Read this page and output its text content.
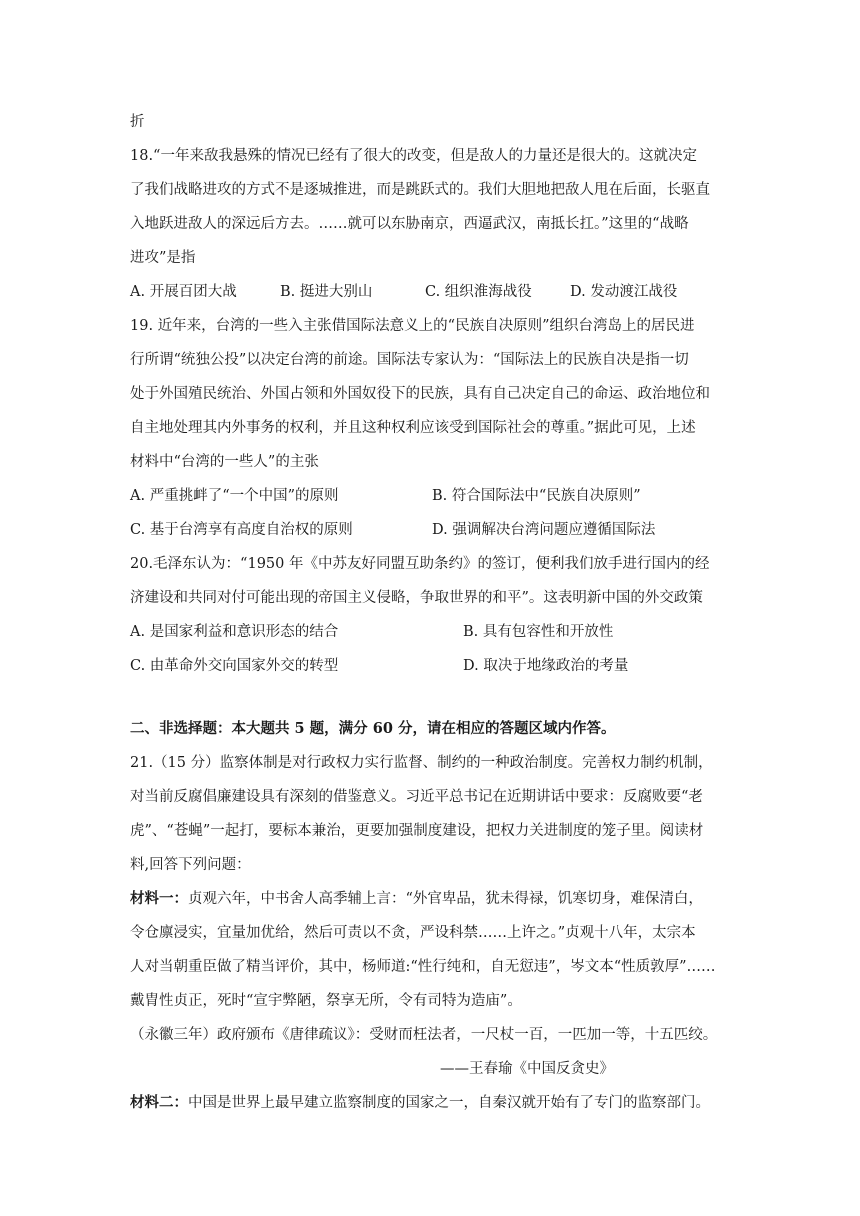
折
18.“一年来敌我悬殊的情况已经有了很大的改变，但是敌人的力量还是很大的。这就决定
了我们战略进攻的方式不是逐城推进，而是跳跃式的。我们大胆地把敌人甩在后面，长驱直
入地跃进敌人的深远后方去。……就可以东胁南京，西逼武汉，南抵长扛。”这里的“战略
进攻”是指
A. 开展百团大战	B. 挺进大别山	C. 组织淮海战役	D. 发动渡江战役
19. 近年来，台湾的一些入主张借国际法意义上的“民族自决原则”组织台湾岛上的居民进
行所谓“统独公投”以决定台湾的前途。国际法专家认为：“国际法上的民族自决是指一切
处于外国殖民统治、外国占领和外国奴役下的民族，具有自己决定自己的命运、政治地位和
自主地处理其内外事务的权利，并且这种权利应该受到国际社会的尊重。”据此可见，上述
材料中“台湾的一些人”的主张
A. 严重挑衅了“一个中国”的原则	B. 符合国际法中“民族自决原则”
C. 基于台湾享有高度自治权的原则	D. 强调解决台湾问题应遵循国际法
20.毛泽东认为：“1950 年《中苏友好同盟互助条约》的签订，便利我们放手进行国内的经
济建设和共同对付可能出现的帝国主义侵略，争取世界的和平”。这表明新中国的外交政策
A. 是国家利益和意识形态的结合	B. 具有包容性和开放性
C. 由革命外交向国家外交的转型	D. 取决于地缘政治的考量
二、非选择题：本大题共 5 题，满分 60 分，请在相应的答题区域内作答。
21.（15 分）监察体制是对行政权力实行监督、制约的一种政治制度。完善权力制约机制，
对当前反腐倡廉建设具有深刻的借鉴意义。习近平总书记在近期讲话中要求：反腐败要“老
虎”、“苍蝇”一起打，要标本兼治，更要加强制度建设，把权力关进制度的笼子里。阅读材
料,回答下列问题：
材料一：贞观六年，中书舍人高季辅上言：“外官卑品，犹未得禄，饥寒切身，难保清白，
令仓廪浸实，宜量加优给，然后可责以不贪，严设科禁……上许之。”贞观十八年，太宗本
人对当朝重臣做了精当评价，其中，杨师道:“性行纯和，自无愆违”，岑文本“性质敦厚”……
戴胄性贞正，死时“宣宇弊陋，祭享无所，令有司特为造庙”。
（永徽三年）政府颁布《唐律疏议》：受财而枉法者，一尺杖一百，一匹加一等，十五匹绞。
——王春瑜《中国反贪史》
材料二：中国是世界上最早建立监察制度的国家之一，自秦汉就开始有了专门的监察部门。
